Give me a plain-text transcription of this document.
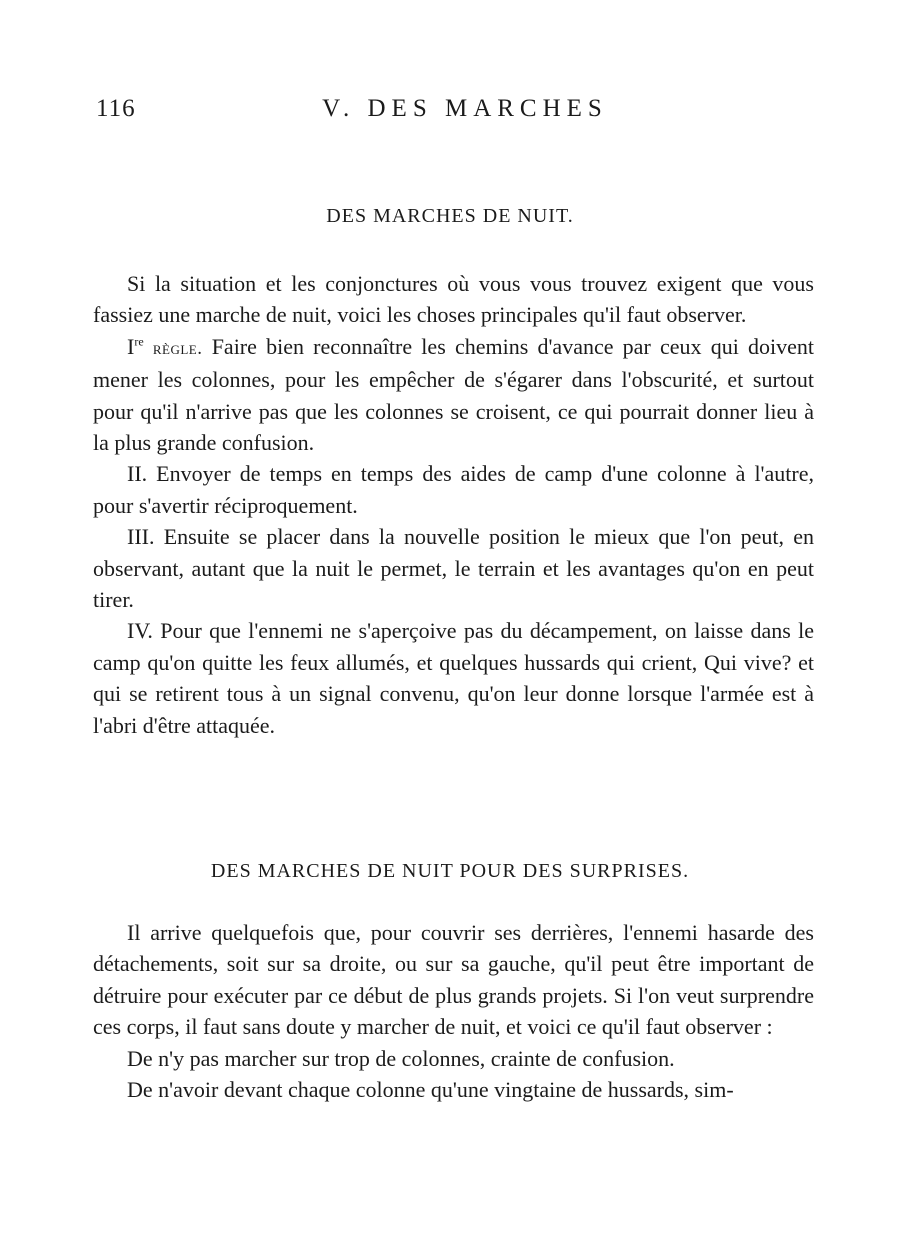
116	V. DES MARCHES
DES MARCHES DE NUIT.

Si la situation et les conjonctures où vous vous trouvez exigent que vous fassiez une marche de nuit, voici les choses principales qu'il faut observer.

Ire règle. Faire bien reconnaître les chemins d'avance par ceux qui doivent mener les colonnes, pour les empêcher de s'égarer dans l'obscurité, et surtout pour qu'il n'arrive pas que les colonnes se croisent, ce qui pourrait donner lieu à la plus grande confusion.

II. Envoyer de temps en temps des aides de camp d'une colonne à l'autre, pour s'avertir réciproquement.

III. Ensuite se placer dans la nouvelle position le mieux que l'on peut, en observant, autant que la nuit le permet, le terrain et les avantages qu'on en peut tirer.

IV. Pour que l'ennemi ne s'aperçoive pas du décampement, on laisse dans le camp qu'on quitte les feux allumés, et quelques hussards qui crient, Qui vive? et qui se retirent tous à un signal convenu, qu'on leur donne lorsque l'armée est à l'abri d'être attaquée.

DES MARCHES DE NUIT POUR DES SURPRISES.

Il arrive quelquefois que, pour couvrir ses derrières, l'ennemi hasarde des détachements, soit sur sa droite, ou sur sa gauche, qu'il peut être important de détruire pour exécuter par ce début de plus grands projets. Si l'on veut surprendre ces corps, il faut sans doute y marcher de nuit, et voici ce qu'il faut observer :

De n'y pas marcher sur trop de colonnes, crainte de confusion.

De n'avoir devant chaque colonne qu'une vingtaine de hussards, sim-
